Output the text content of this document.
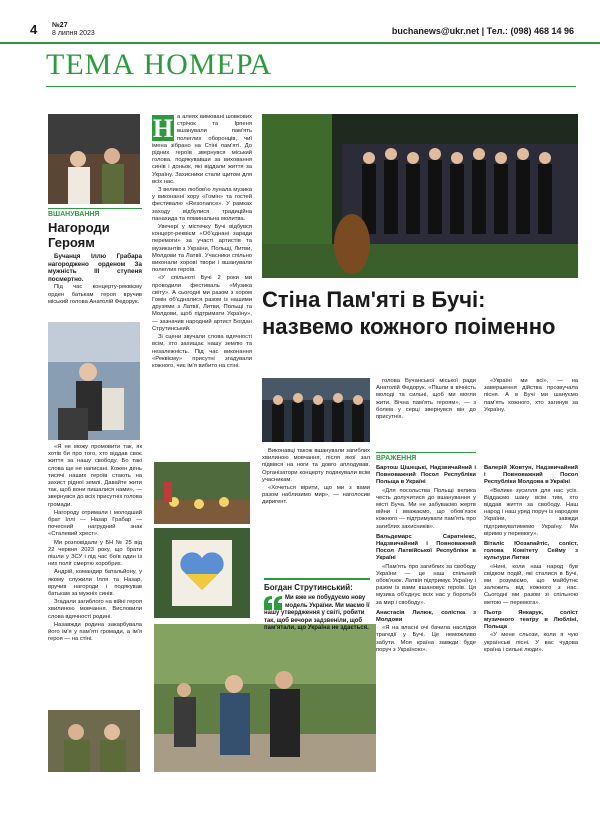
4 №27
8 липня 2023	buchanews@ukr.net | Тел.: (098) 468 14 96
ТЕМА НОМЕРА
ВШАНУВАННЯ
Нагороди
Героям

Бучанця Іллю Грабара нагороджено орденом За мужність ІІІ ступеня посмертно.

Під час концерту-реквієму орден батькам героя вручив міський голова Анатолій Федорук.

«Я не можу промовити так, як хотів би про того, хто віддав своє життя за нашу свободу. Бо такі слова ще не написані. Кожен день тисячі наших героїв стають на захист рідної землі. Давайте жити так, щоб вони пишалися нами», — звернувся до всіх присутніх голова громади.

Нагороду отримали і молодший брат Іллі — Назар Грабар — почесний нагрудний знак «Сталевий хрест».

Ми розповідали у БН № 25 від 22 червня 2023 року, що брати пішли у ЗСУ і під час боїв один із них поліг смертю хоробрих.

Андрій, командир батальйону, у якому служили Ілля та Назар, вручив нагороди і подякував батькам за мужніх синів.

Згадали загиблого на війні героя хвилиною мовчання. Висловили слова вдячності родині.

Назавжди родина закарбувала його ім'я у пам'яті громади, а ім'я героя — на стіні.

Н а алеях вимовані шовкових стрічок та Ірпеня вшанували пам'ять полеглих оборонців, чиї імена зібрано на Стіні пам'яті. До рідних героїв звернувся міський голова, подякувавши за виховання синів і доньок, які віддали життя за Україну. Захисники стали щитом для всіх нас.

З великою любов'ю лунала музика у виконанні хору «Гомін» та гостей фестивалю «Resonance». У рамках заходу відбулися традиційна панахида та поминальна молитва.

Увечері у містечку Бучі відбувся концерт-реквієм «Об'єднані заради перемоги» за участі артистів та музикантів з України, Польщі, Литви, Молдови та Латвії. Учасники спільно виконали хорові твори і вшанували полеглих героїв.

«У спільноті Бучі 2 роки ми проводили фестиваль «Музика світу». А сьогодні ми разом з хором Гомін об'єдналися разом із нашими друзями з Латвії, Литви, Польщі та Молдови, щоб підтримати Україну», — зазначив народний артист Богдан Струтинський.

Зі сцени звучали слова вдячності всім, хто захищає нашу землю та незалежність. Під час виконання «Реквієму» присутні згадували кожного, чиє ім'я вибито на стіні.

Стіна Пам'яті в Бучі: назвемо кожного поіменно

Виконавці також вшанували загиблих хвилиною мовчання, після якої зал підвівся на ноги та довго аплодував. Організатори концерту подякували всім учасникам.

«Хочеться вірити, що ми з вами разом наблизимо мир», — наголосив диригент.

Богдан Струтинський:
Ми вже не побудуємо нову модель України. Ми маємо її нашу утвердження у світі, робити так, щоб вечори задзвеніли, щоб пам'ятали, що Україна не здається.

голова Бучанської міської ради Анатолій Федорук. «Пішли в вічність молоді та сильні, щоб ми могли жити. Вічна пам'ять героям», — з болем у серці звернувся він до присутніх.

«Україні ми всі», — на завершення дійства прозвучала пісня. А в Бучі ми шануємо пам'ять кожного, хто загинув за Україну.

ВРАЖЕННЯ

Бартош Цішецькі, Надзвичайний і Повноважний Посол Республіки Польща в Україні

«Для посольства Польщі велика честь долучитися до вшанування у місті Буча. Ми не забуваємо жертв війни і вважаємо, що обов'язок кожного — підтримувати пам'ять про загиблих захисників».

Вальдемарс Саратніекс, Надзвичайний і Повноважний Посол Латвійської Республіки в Україні

«Пам'ять про загиблих за свободу України — це наш спільний обов'язок. Латвія підтримує Україну і разом із вами вшановує героїв. Ця музика об'єднує всіх нас у боротьбі за мир і свободу».

Анастасія Лилюк, солістка з Молдови

«Я на власні очі бачила наслідки трагедії у Бучі. Це неможливо забути. Моя країна завжди буде поруч з Україною».

Валерій Жовтун, Надзвичайний і Повноважний Посол Республіки Молдова в Україні

«Велике зусилля для нас усіх. Віддаємо шану всім тим, хто віддав життя за свободу. Наш народ і наш уряд поруч із народом України, завжди підтримуватимемо Україну. Ми віримо у перемогу».

Віталіс Юозапайтіс, соліст, голова Комітету Сейму з культури Литви

«Нині, коли наш народ був свідком подій, які сталися в Бучі, ми розуміємо, що майбутнє залежить від кожного з нас. Сьогодні ми разом зі спільною метою — перемога».

Пьотр Янкарук, соліст музичного театру в Любліні, Польща

«У мене сльози, коли я чую українські пісні. У вас чудова країна і сильні люди».
